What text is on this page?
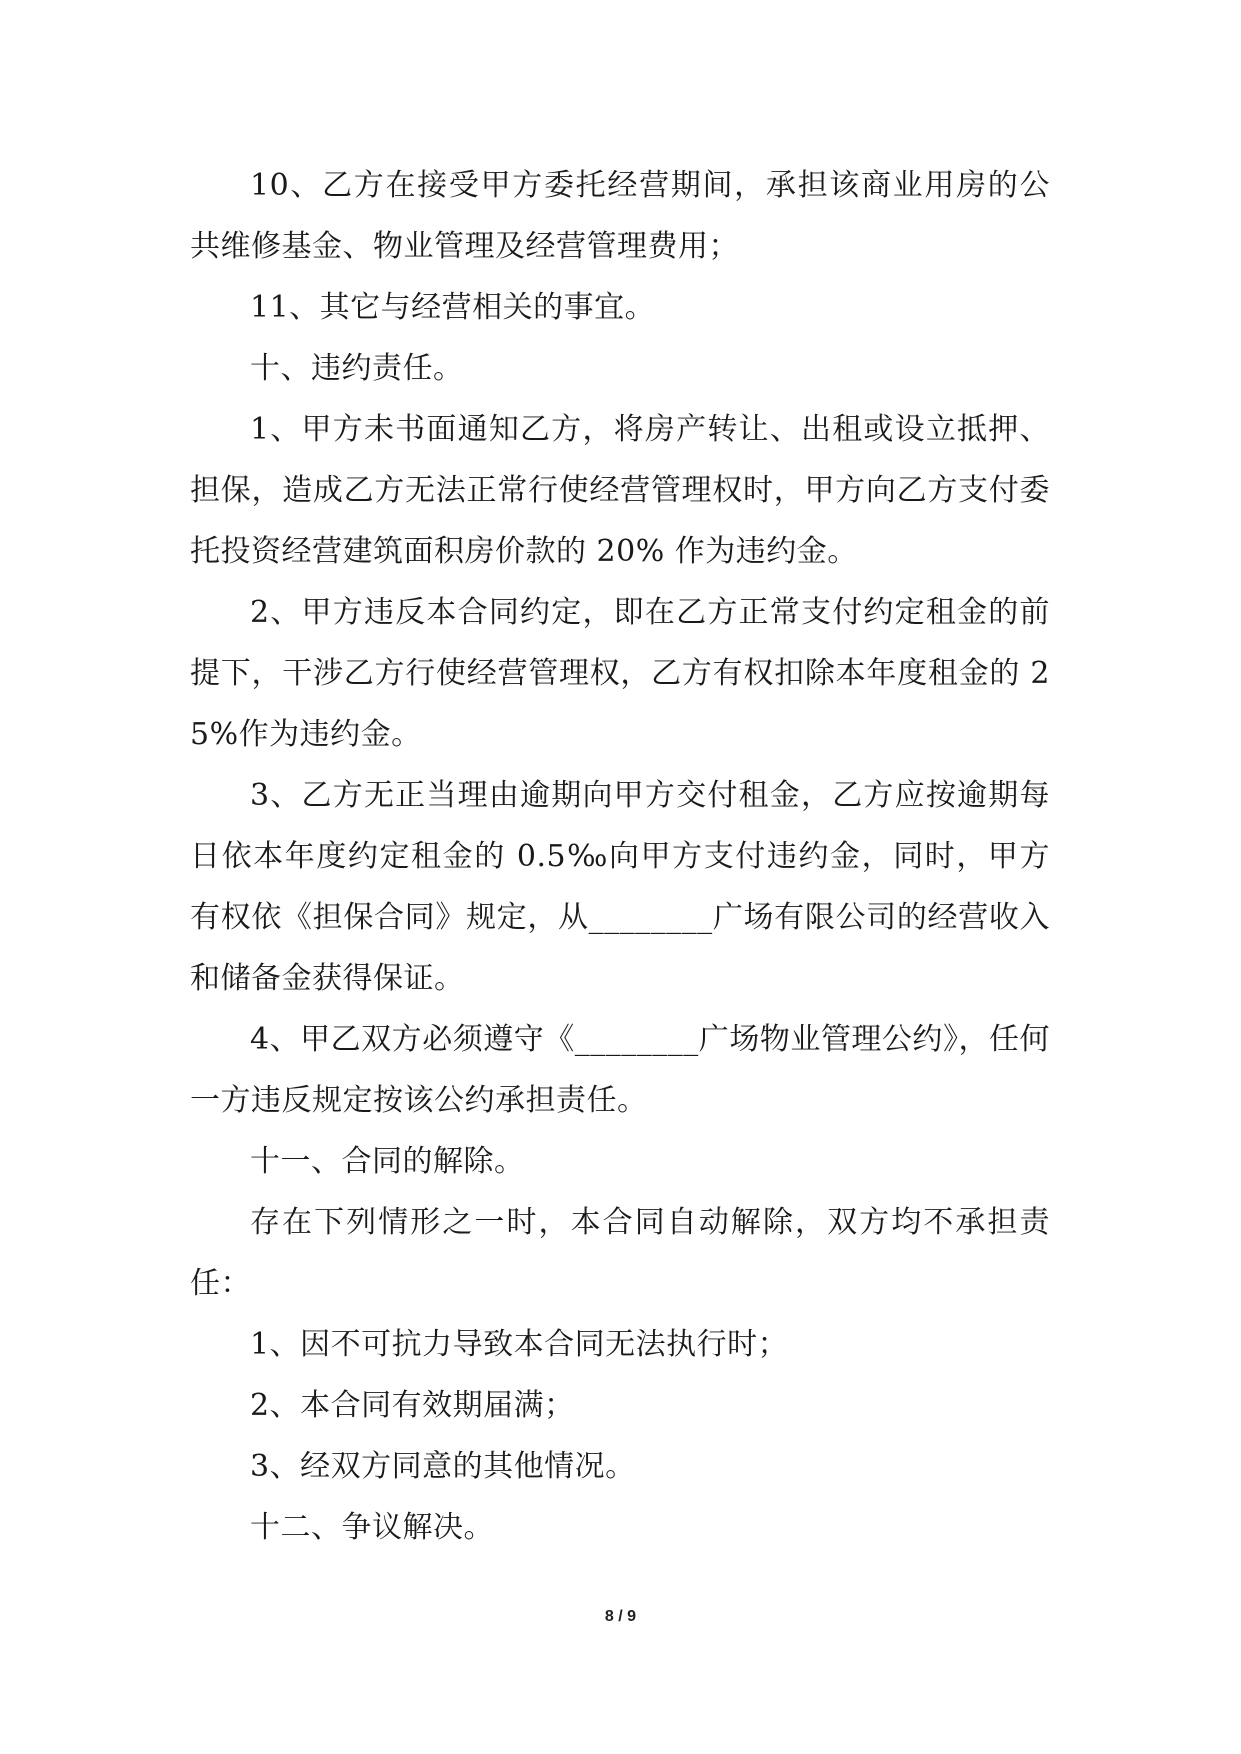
10、乙方在接受甲方委托经营期间，承担该商业用房的公共维修基金、物业管理及经营管理费用；

11、其它与经营相关的事宜。

十、违约责任。

1、甲方未书面通知乙方，将房产转让、出租或设立抵押、担保，造成乙方无法正常行使经营管理权时，甲方向乙方支付委托投资经营建筑面积房价款的 20% 作为违约金。

2、甲方违反本合同约定，即在乙方正常支付约定租金的前提下，干涉乙方行使经营管理权，乙方有权扣除本年度租金的 25%作为违约金。

3、乙方无正当理由逾期向甲方交付租金，乙方应按逾期每日依本年度约定租金的 0.5‰向甲方支付违约金，同时，甲方有权依《担保合同》规定，从________广场有限公司的经营收入和储备金获得保证。

4、甲乙双方必须遵守《________广场物业管理公约》，任何一方违反规定按该公约承担责任。

十一、合同的解除。

存在下列情形之一时，本合同自动解除，双方均不承担责任：

1、因不可抗力导致本合同无法执行时；

2、本合同有效期届满；

3、经双方同意的其他情况。

十二、争议解决。

8 / 9
